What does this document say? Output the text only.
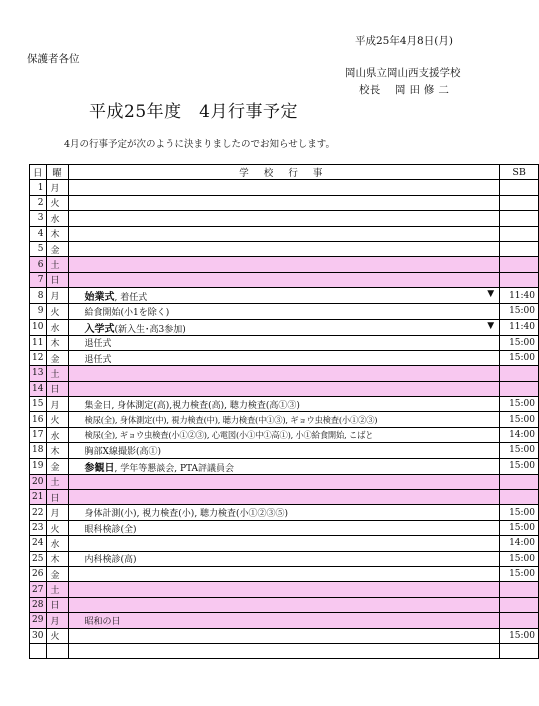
平成25年4月8日(月)
保護者各位
岡山県立岡山西支援学校
校長　 岡 田 修 二
平成25年度　4月行事予定
4月の行事予定が次のように決まりましたのでお知らせします。
日	曜	学 校 行 事	SB
1	月		
2	火		
3	水		
4	木		
5	金		
6	土		
7	日		
8	月	始業式, 着任式 ▼	11:40
9	火	給食開始(小1を除く)	15:00
10	水	入学式(新入生･高3参加) ▼	11:40
11	木	退任式	15:00
12	金	退任式	15:00
13	土		
14	日		
15	月	集金日, 身体測定(高),視力検査(高), 聴力検査(高①③)	15:00
16	火	検尿(全), 身体測定(中), 視力検査(中), 聴力検査(中①③), ギョウ虫検査(小①②③)	15:00
17	水	検尿(全), ギョウ虫検査(小①②③), 心電図(小①中①高①), 小①給食開始, こばと	14:00
18	木	胸部X線撮影(高①)	15:00
19	金	参観日, 学年等懇談会, PTA評議員会	15:00
20	土		
21	日		
22	月	身体計測(小), 視力検査(小), 聴力検査(小①②③⑤)	15:00
23	火	眼科検診(全)	15:00
24	水		14:00
25	木	内科検診(高)	15:00
26	金		15:00
27	土		
28	日		
29	月	昭和の日	
30	火		15:00
